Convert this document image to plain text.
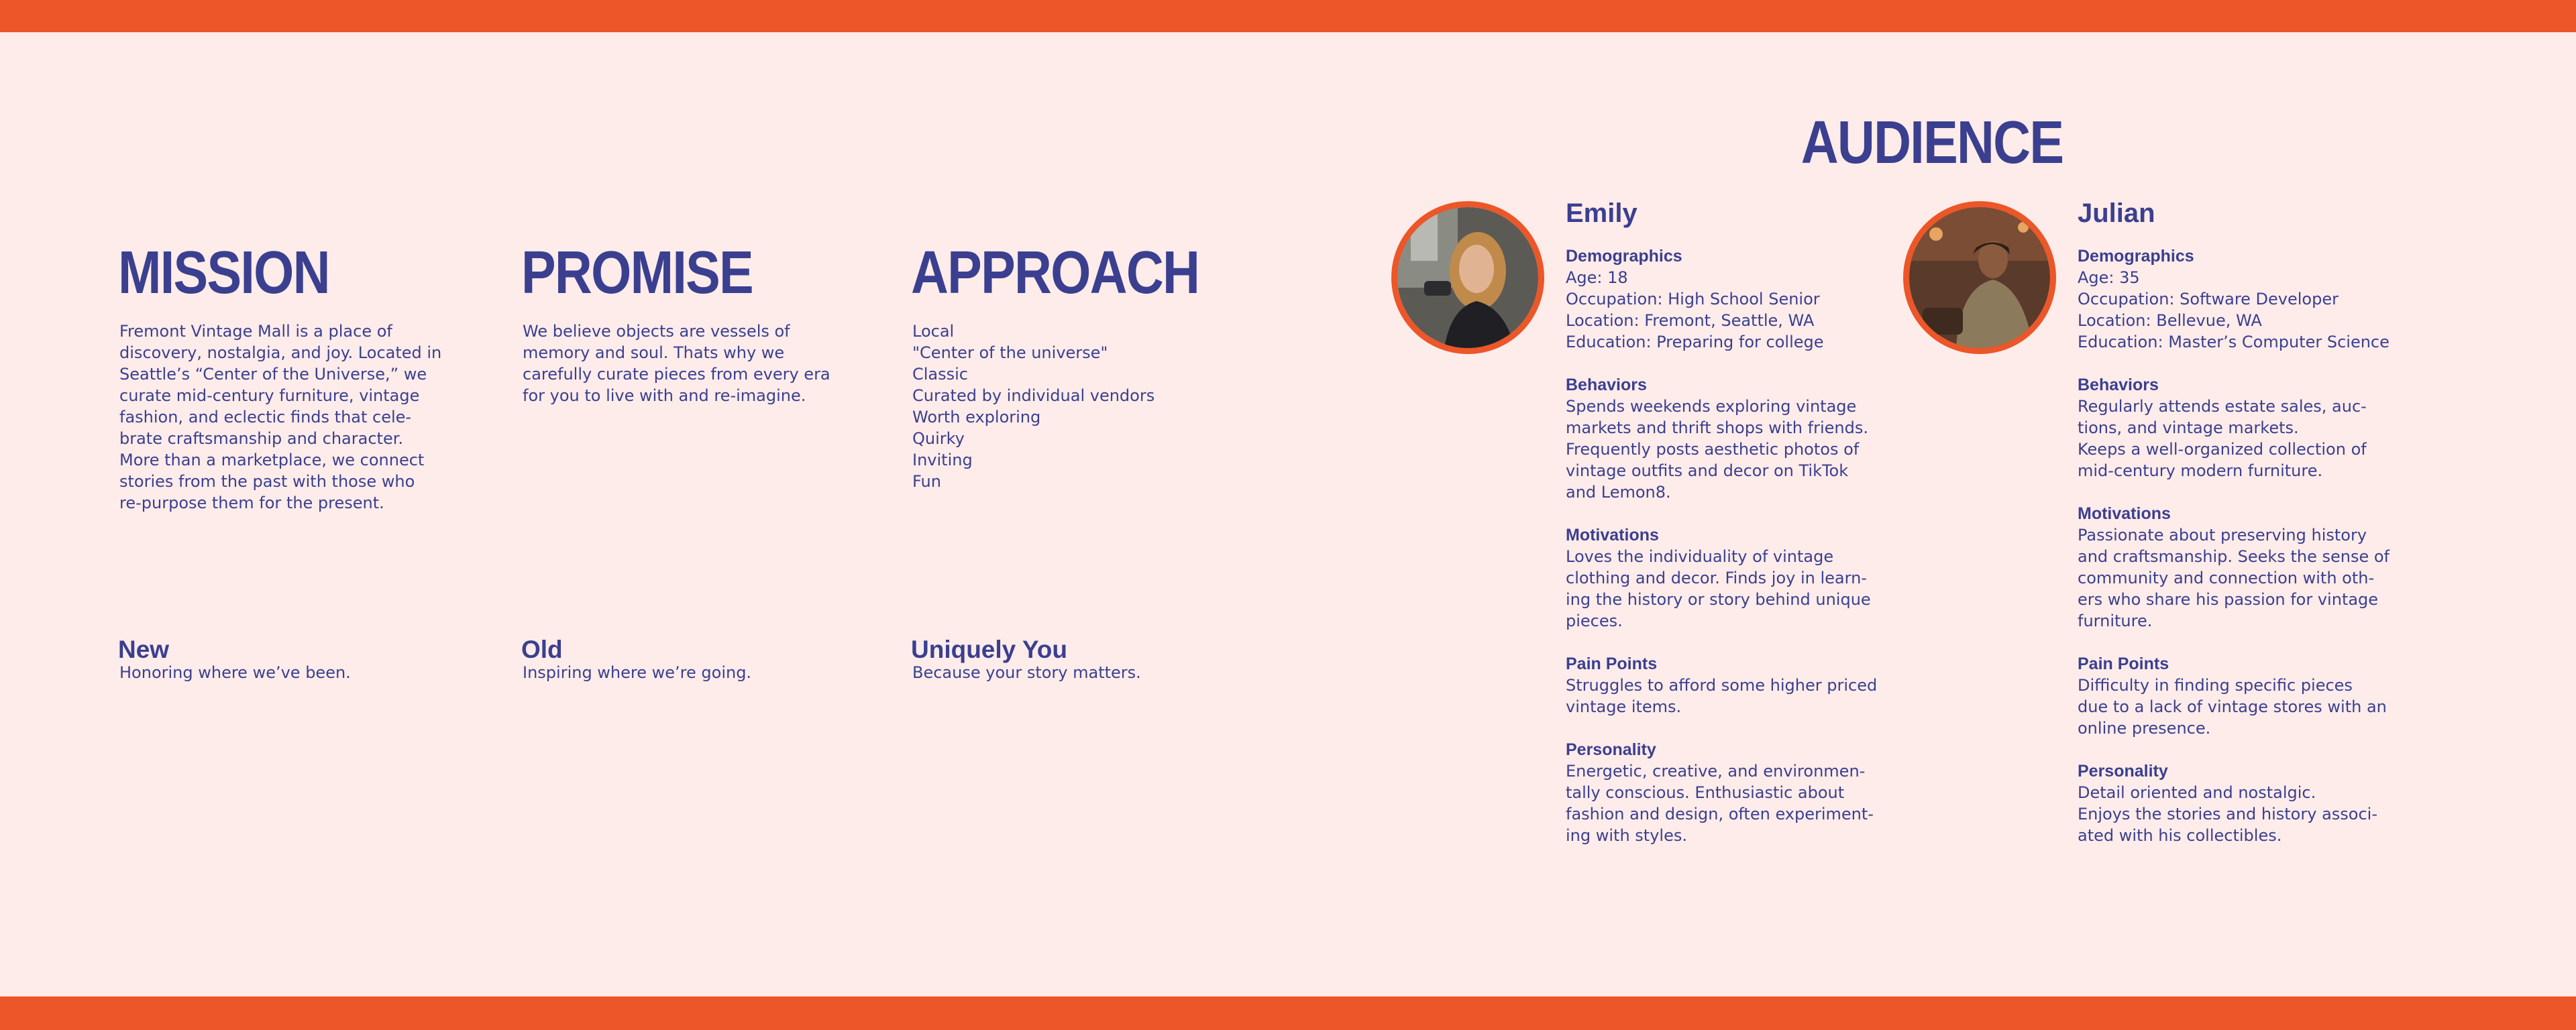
MISSION

Fremont Vintage Mall is a place of
discovery, nostalgia, and joy. Located in
Seattle’s “Center of the Universe,” we
curate mid-century furniture, vintage
fashion, and eclectic finds that cele-
brate craftsmanship and character.
More than a marketplace, we connect
stories from the past with those who
re-purpose them for the present.

PROMISE

We believe objects are vessels of
memory and soul. Thats why we
carefully curate pieces from every era
for you to live with and re-imagine.

APPROACH
Local
"Center of the universe"
Classic
Curated by individual vendors
Worth exploring
Quirky
Inviting
Fun
New

Honoring where we’ve been.

Old

Inspiring where we’re going.

Uniquely You

Because your story matters.

AUDIENCE
Emily
Demographics

Age: 18
Occupation: High School Senior
Location: Fremont, Seattle, WA
Education: Preparing for college

Behaviors

Spends weekends exploring vintage
markets and thrift shops with friends.
Frequently posts aesthetic photos of
vintage outfits and decor on TikTok
and Lemon8.

Motivations

Loves the individuality of vintage
clothing and decor. Finds joy in learn-
ing the history or story behind unique
pieces.

Pain Points

Struggles to afford some higher priced
vintage items.

Personality

Energetic, creative, and environmen-
tally conscious. Enthusiastic about
fashion and design, often experiment-
ing with styles.

Julian
Demographics

Age: 35
Occupation: Software Developer
Location: Bellevue, WA
Education: Master’s Computer Science

Behaviors

Regularly attends estate sales, auc-
tions, and vintage markets.
Keeps a well-organized collection of
mid-century modern furniture.

Motivations

Passionate about preserving history
and craftsmanship. Seeks the sense of
community and connection with oth-
ers who share his passion for vintage
furniture.

Pain Points

Difficulty in finding specific pieces
due to a lack of vintage stores with an
online presence.

Personality

Detail oriented and nostalgic.
Enjoys the stories and history associ-
ated with his collectibles.
